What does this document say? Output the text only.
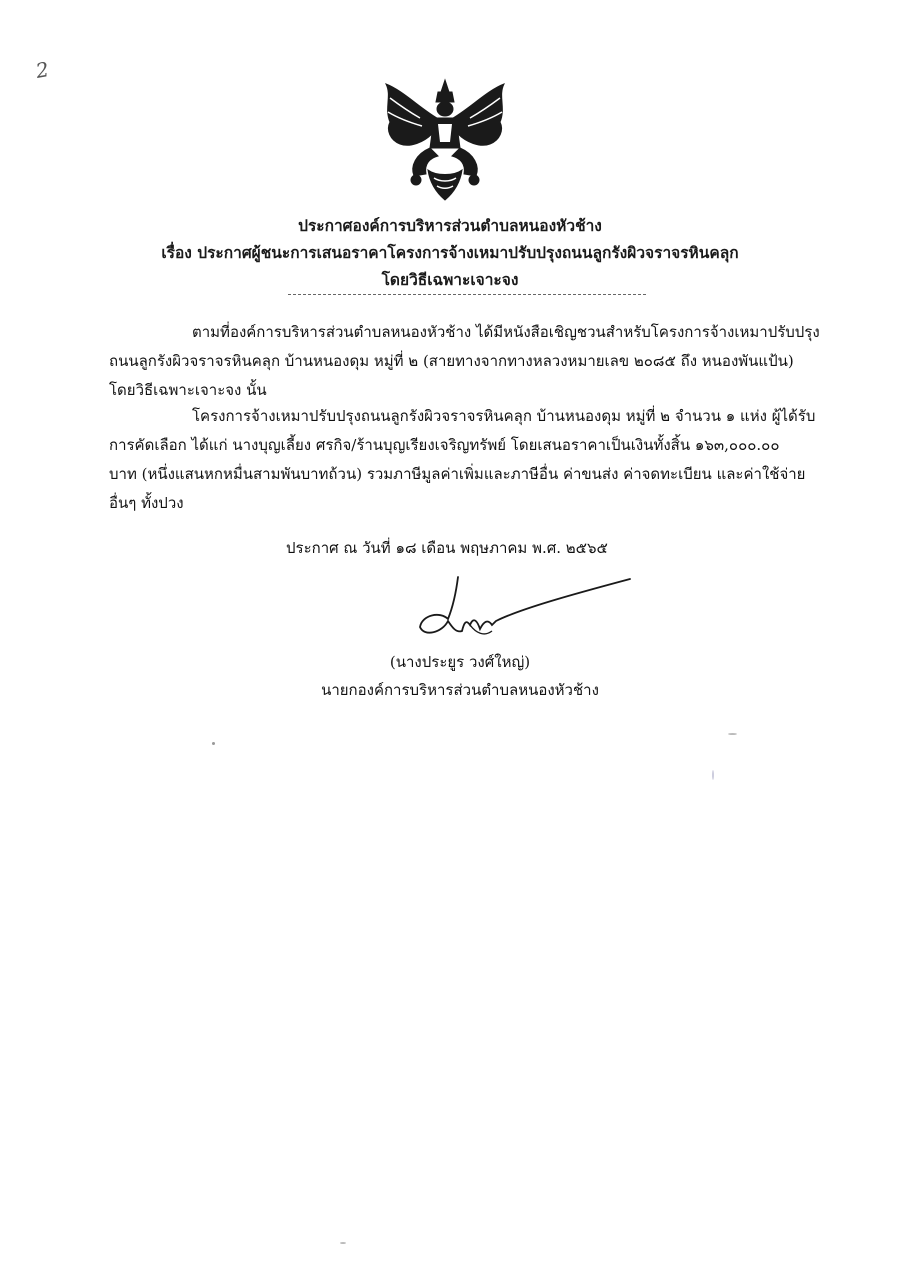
2
ประกาศองค์การบริหารส่วนตำบลหนองหัวช้าง
เรื่อง ประกาศผู้ชนะการเสนอราคาโครงการจ้างเหมาปรับปรุงถนนลูกรังผิวจราจรหินคลุก
โดยวิธีเฉพาะเจาะจง
ตามที่องค์การบริหารส่วนตำบลหนองหัวช้าง ได้มีหนังสือเชิญชวนสำหรับโครงการจ้างเหมาปรับปรุง
ถนนลูกรังผิวจราจรหินคลุก บ้านหนองดุม หมู่ที่ ๒ (สายทางจากทางหลวงหมายเลข ๒๐๘๕ ถึง หนองพันแป้น)
โดยวิธีเฉพาะเจาะจง นั้น
โครงการจ้างเหมาปรับปรุงถนนลูกรังผิวจราจรหินคลุก บ้านหนองดุม หมู่ที่ ๒ จำนวน ๑ แห่ง ผู้ได้รับ
การคัดเลือก ได้แก่ นางบุญเลี้ยง ศรกิจ/ร้านบุญเรียงเจริญทรัพย์ โดยเสนอราคาเป็นเงินทั้งสิ้น ๑๖๓,๐๐๐.๐๐
บาท (หนึ่งแสนหกหมื่นสามพันบาทถ้วน) รวมภาษีมูลค่าเพิ่มและภาษีอื่น ค่าขนส่ง ค่าจดทะเบียน และค่าใช้จ่าย
อื่นๆ ทั้งปวง
ประกาศ ณ วันที่ ๑๘ เดือน พฤษภาคม พ.ศ. ๒๕๖๕
(นางประยูร วงศ์ใหญ่)
นายกองค์การบริหารส่วนตำบลหนองหัวช้าง
